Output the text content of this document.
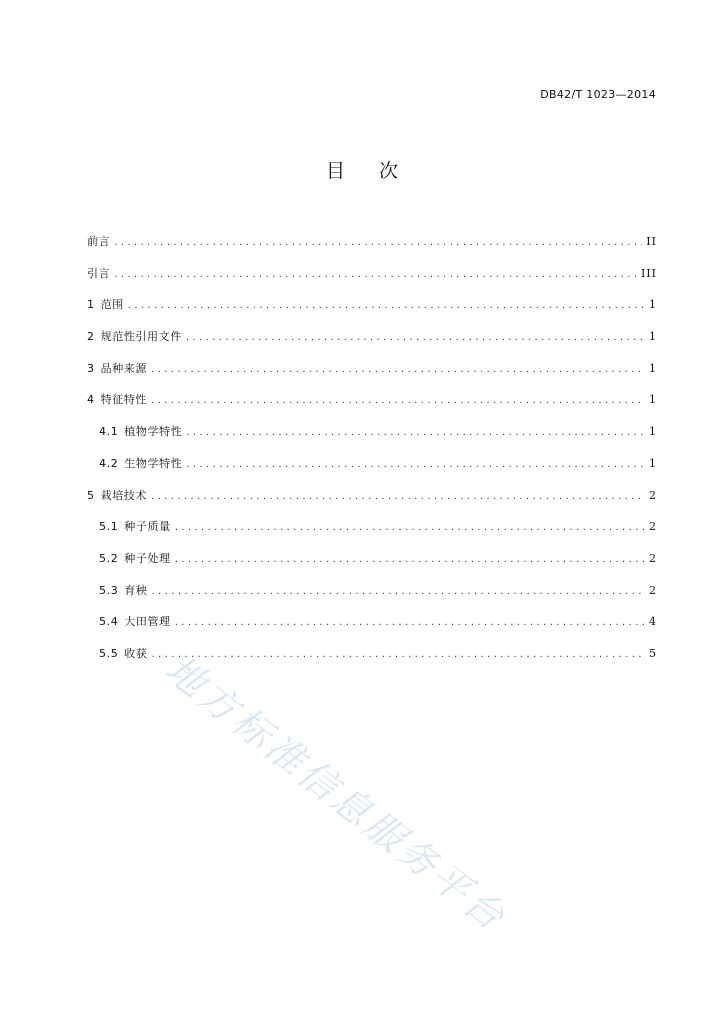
DB42/T 1023—2014
目次
前言 .....	II
引言 .....	III
1 范围 .....	1
2 规范性引用文件 .....	1
3 品种来源 .....	1
4 特征特性 .....	1
4.1 植物学特性 .....	1
4.2 生物学特性 .....	1
5 栽培技术 .....	2
5.1 种子质量 .....	2
5.2 种子处理 .....	2
5.3 育秧 .....	2
5.4 大田管理 .....	4
5.5 收获 .....	5
地方标准信息服务平台
